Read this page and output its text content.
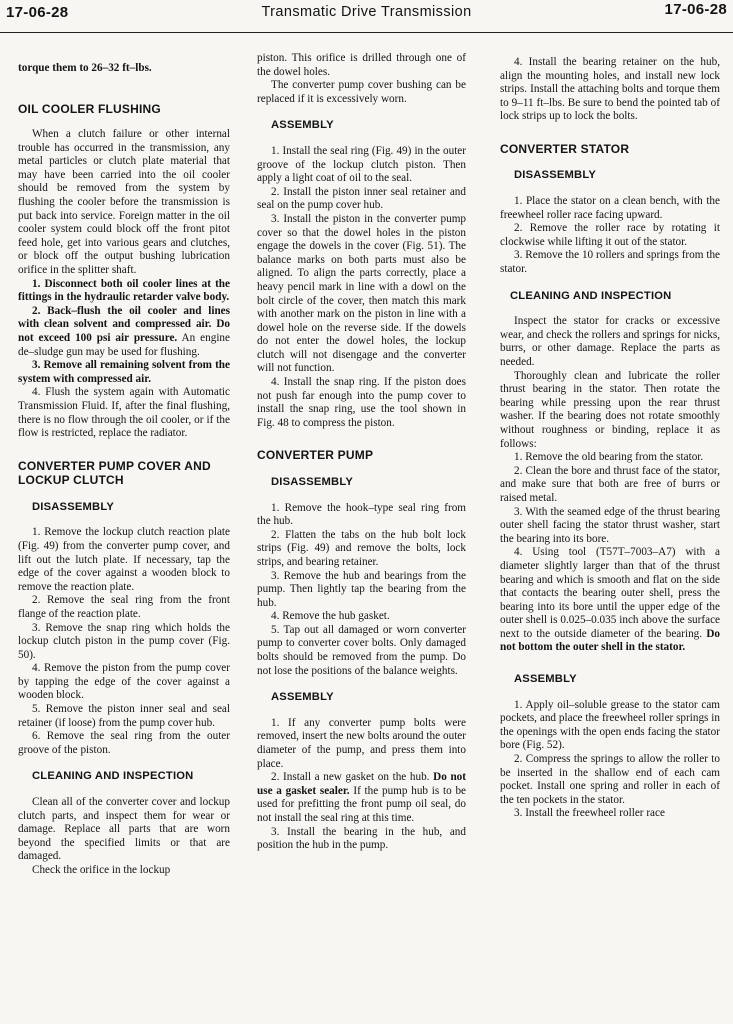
17-06-28	Transmatic Drive Transmission	17-06-28

torque them to 26–32 ft–lbs.

OIL COOLER FLUSHING

When a clutch failure or other internal trouble has occurred in the transmission, any metal particles or clutch plate material that may have been carried into the oil cooler should be removed from the system by flushing the cooler before the transmission is put back into service. Foreign matter in the oil cooler system could block off the front pitot feed hole, get into various gears and clutches, or block off the output bushing lubrication orifice in the splitter shaft.

1. Disconnect both oil cooler lines at the fittings in the hydraulic retarder valve body.

2. Back–flush the oil cooler and lines with clean solvent and compressed air. Do not exceed 100 psi air pressure. An engine de–sludge gun may be used for flushing.

3. Remove all remaining solvent from the system with compressed air.

4. Flush the system again with Automatic Transmission Fluid. If, after the final flushing, there is no flow through the oil cooler, or if the flow is restricted, replace the radiator.

CONVERTER PUMP COVER AND LOCKUP CLUTCH
DISASSEMBLY

1. Remove the lockup clutch reaction plate (Fig. 49) from the converter pump cover, and lift out the lutch plate. If necessary, tap the edge of the cover against a wooden block to remove the reaction plate.

2. Remove the seal ring from the front flange of the reaction plate.

3. Remove the snap ring which holds the lockup clutch piston in the pump cover (Fig. 50).

4. Remove the piston from the pump cover by tapping the edge of the cover against a wooden block.

5. Remove the piston inner seal and seal retainer (if loose) from the pump cover hub.

6. Remove the seal ring from the outer groove of the piston.

CLEANING AND INSPECTION

Clean all of the converter cover and lockup clutch parts, and inspect them for wear or damage. Replace all parts that are worn beyond the specified limits or that are damaged.

Check the orifice in the lockup

piston. This orifice is drilled through one of the dowel holes.

The converter pump cover bushing can be replaced if it is excessively worn.

ASSEMBLY

1. Install the seal ring (Fig. 49) in the outer groove of the lockup clutch piston. Then apply a light coat of oil to the seal.

2. Install the piston inner seal retainer and seal on the pump cover hub.

3. Install the piston in the converter pump cover so that the dowel holes in the piston engage the dowels in the cover (Fig. 51). The balance marks on both parts must also be aligned. To align the parts correctly, place a heavy pencil mark in line with a dowl on the bolt circle of the cover, then match this mark with another mark on the piston in line with a dowel hole on the reverse side. If the dowels do not enter the dowel holes, the lockup clutch will not disengage and the converter will not function.

4. Install the snap ring. If the piston does not push far enough into the pump cover to install the snap ring, use the tool shown in Fig. 48 to compress the piston.

CONVERTER PUMP
DISASSEMBLY

1. Remove the hook–type seal ring from the hub.

2. Flatten the tabs on the hub bolt lock strips (Fig. 49) and remove the bolts, lock strips, and bearing retainer.

3. Remove the hub and bearings from the pump. Then lightly tap the bearing from the hub.

4. Remove the hub gasket.

5. Tap out all damaged or worn converter pump to converter cover bolts. Only damaged bolts should be removed from the pump. Do not lose the positions of the balance weights.

ASSEMBLY

1. If any converter pump bolts were removed, insert the new bolts around the outer diameter of the pump, and press them into place.

2. Install a new gasket on the hub. Do not use a gasket sealer. If the pump hub is to be used for prefitting the front pump oil seal, do not install the seal ring at this time.

3. Install the bearing in the hub, and position the hub in the pump.

4. Install the bearing retainer on the hub, align the mounting holes, and install new lock strips. Install the attaching bolts and torque them to 9–11 ft–lbs. Be sure to bend the pointed tab of lock strips up to lock the bolts.

CONVERTER STATOR
DISASSEMBLY

1. Place the stator on a clean bench, with the freewheel roller race facing upward.

2. Remove the roller race by rotating it clockwise while lifting it out of the stator.

3. Remove the 10 rollers and springs from the stator.

CLEANING AND INSPECTION

Inspect the stator for cracks or excessive wear, and check the rollers and springs for nicks, burrs, or other damage. Replace the parts as needed.

Thoroughly clean and lubricate the roller thrust bearing in the stator. Then rotate the bearing while pressing upon the rear thrust washer. If the bearing does not rotate smoothly without roughness or binding, replace it as follows:

1. Remove the old bearing from the stator.

2. Clean the bore and thrust face of the stator, and make sure that both are free of burrs or raised metal.

3. With the seamed edge of the thrust bearing outer shell facing the stator thrust washer, start the bearing into its bore.

4. Using tool (T57T–7003–A7) with a diameter slightly larger than that of the thrust bearing and which is smooth and flat on the side that contacts the bearing outer shell, press the bearing into its bore until the upper edge of the outer shell is 0.025–0.035 inch above the surface next to the outside diameter of the bearing. Do not bottom the outer shell in the stator.

ASSEMBLY

1. Apply oil–soluble grease to the stator cam pockets, and place the freewheel roller springs in the openings with the open ends facing the stator bore (Fig. 52).

2. Compress the springs to allow the roller to be inserted in the shallow end of each cam pocket. Install one spring and roller in each of the ten pockets in the stator.

3. Install the freewheel roller race
